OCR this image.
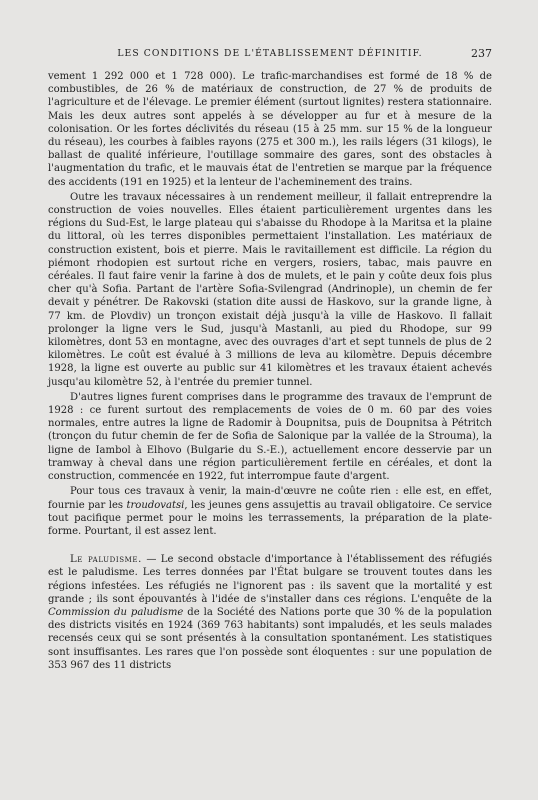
LES CONDITIONS DE L'ÉTABLISSEMENT DÉFINITIF.	237

vement 1 292 000 et 1 728 000). Le trafic-marchandises est formé de 18 % de combustibles, de 26 % de matériaux de construction, de 27 % de produits de l'agriculture et de l'élevage. Le premier élément (surtout lignites) restera stationnaire. Mais les deux autres sont appelés à se développer au fur et à mesure de la colonisation. Or les fortes déclivités du réseau (15 à 25 mm. sur 15 % de la longueur du réseau), les courbes à faibles rayons (275 et 300 m.), les rails légers (31 kilogs), le ballast de qualité inférieure, l'outillage sommaire des gares, sont des obstacles à l'augmentation du trafic, et le mauvais état de l'entretien se marque par la fréquence des accidents (191 en 1925) et la lenteur de l'acheminement des trains.

Outre les travaux nécessaires à un rendement meilleur, il fallait entreprendre la construction de voies nouvelles. Elles étaient particulièrement urgentes dans les régions du Sud-Est, le large plateau qui s'abaisse du Rhodope à la Maritsa et la plaine du littoral, où les terres disponibles permettaient l'installation. Les matériaux de construction existent, bois et pierre. Mais le ravitaillement est difficile. La région du piémont rhodopien est surtout riche en vergers, rosiers, tabac, mais pauvre en céréales. Il faut faire venir la farine à dos de mulets, et le pain y coûte deux fois plus cher qu'à Sofia. Partant de l'artère Sofia-Svilengrad (Andrinople), un chemin de fer devait y pénétrer. De Rakovski (station dite aussi de Haskovo, sur la grande ligne, à 77 km. de Plovdiv) un tronçon existait déjà jusqu'à la ville de Haskovo. Il fallait prolonger la ligne vers le Sud, jusqu'à Mastanli, au pied du Rhodope, sur 99 kilomètres, dont 53 en montagne, avec des ouvrages d'art et sept tunnels de plus de 2 kilomètres. Le coût est évalué à 3 millions de leva au kilomètre. Depuis décembre 1928, la ligne est ouverte au public sur 41 kilomètres et les travaux étaient achevés jusqu'au kilomètre 52, à l'entrée du premier tunnel.

D'autres lignes furent comprises dans le programme des travaux de l'emprunt de 1928 : ce furent surtout des remplacements de voies de 0 m. 60 par des voies normales, entre autres la ligne de Radomir à Doupnitsa, puis de Doupnitsa à Pétritch (tronçon du futur chemin de fer de Sofia de Salonique par la vallée de la Strouma), la ligne de Iambol à Elhovo (Bulgarie du S.-E.), actuellement encore desservie par un tramway à cheval dans une région particulièrement fertile en céréales, et dont la construction, commencée en 1922, fut interrompue faute d'argent.

Pour tous ces travaux à venir, la main-d'œuvre ne coûte rien : elle est, en effet, fournie par les troudovatsi, les jeunes gens assujettis au travail obligatoire. Ce service tout pacifique permet pour le moins les terrassements, la préparation de la plate-forme. Pourtant, il est assez lent.

Le paludisme. — Le second obstacle d'importance à l'établissement des réfugiés est le paludisme. Les terres données par l'État bulgare se trouvent toutes dans les régions infestées. Les réfugiés ne l'ignorent pas : ils savent que la mortalité y est grande ; ils sont épouvantés à l'idée de s'installer dans ces régions. L'enquête de la Commission du paludisme de la Société des Nations porte que 30 % de la population des districts visités en 1924 (369 763 habitants) sont impaludés, et les seuls malades recensés ceux qui se sont présentés à la consultation spontanément. Les statistiques sont insuffisantes. Les rares que l'on possède sont éloquentes : sur une population de 353 967 des 11 districts
